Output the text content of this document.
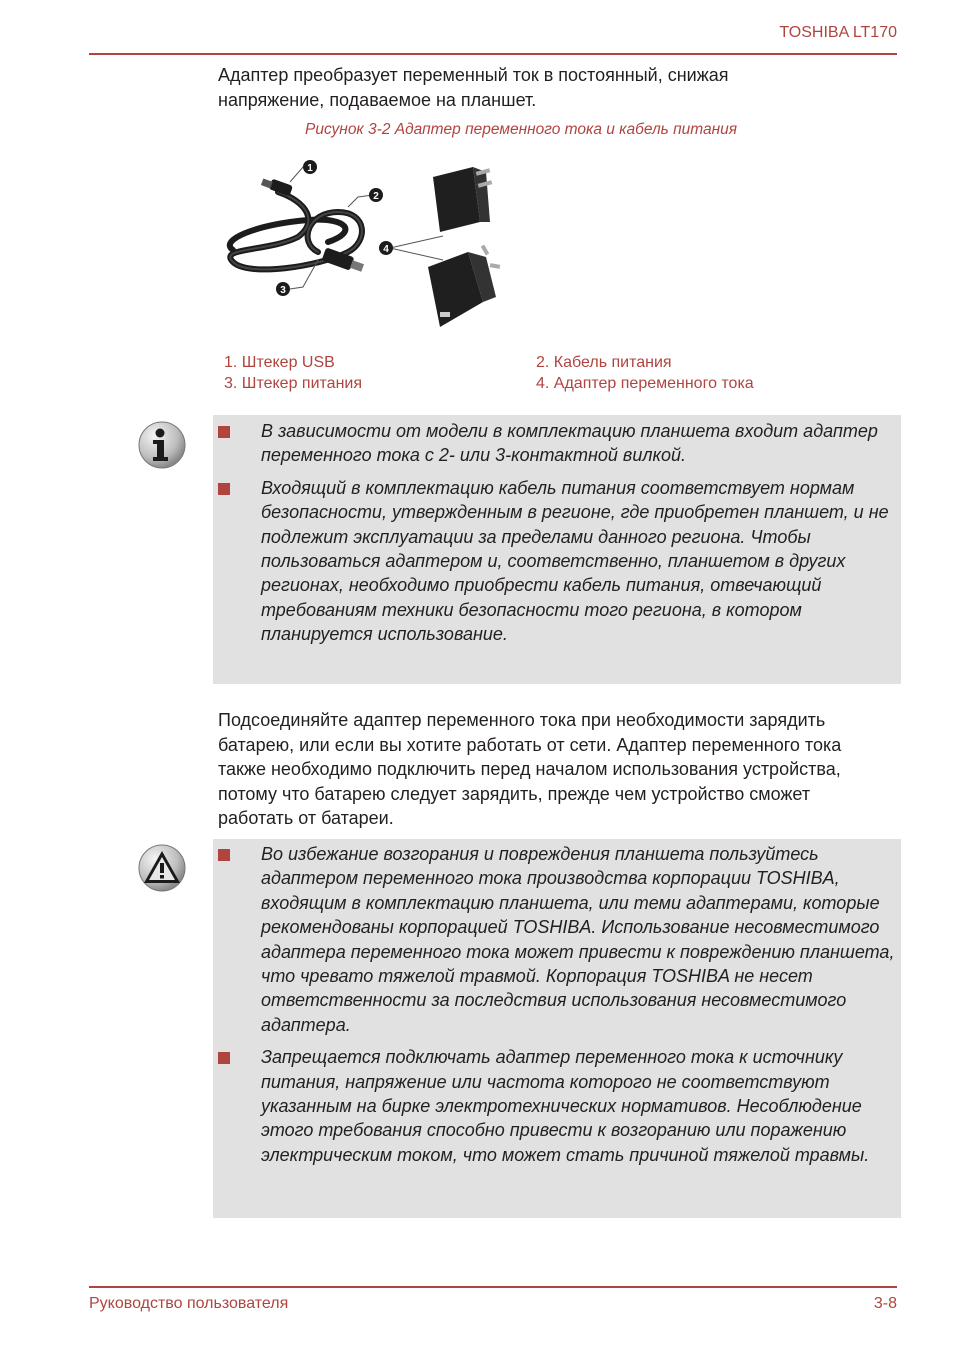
TOSHIBA LT170

Адаптер преобразует переменный ток в постоянный, снижая
напряжение, подаваемое на планшет.

Рисунок 3-2 Адаптер переменного тока и кабель питания
1
2
3
4
1. Штекер USB	2. Кабель питания
3. Штекер питания	4. Адаптер переменного тока
В зависимости от модели в комплектацию планшета входит адаптер переменного тока с 2- или 3-контактной вилкой.
Входящий в комплектацию кабель питания соответствует нормам безопасности, утвержденным в регионе, где приобретен планшет, и не подлежит эксплуатации за пределами данного региона. Чтобы пользоваться адаптером и, соответственно, планшетом в других регионах, необходимо приобрести кабель питания, отвечающий требованиям техники безопасности того региона, в котором планируется использование.

Подсоединяйте адаптер переменного тока при необходимости зарядить батарею, или если вы хотите работать от сети. Адаптер переменного тока также необходимо подключить перед началом использования устройства, потому что батарею следует зарядить, прежде чем устройство сможет работать от батареи.

Во избежание возгорания и повреждения планшета пользуйтесь адаптером переменного тока производства корпорации TOSHIBA, входящим в комплектацию планшета, или теми адаптерами, которые рекомендованы корпорацией TOSHIBA. Использование несовместимого адаптера переменного тока может привести к повреждению планшета, что чревато тяжелой травмой. Корпорация TOSHIBA не несет ответственности за последствия использования несовместимого адаптера.
Запрещается подключать адаптер переменного тока к источнику питания, напряжение или частота которого не соответствуют указанным на бирке электротехнических нормативов. Несоблюдение этого требования способно привести к возгоранию или поражению электрическим током, что может стать причиной тяжелой травмы.
Руководство пользователя	3-8
